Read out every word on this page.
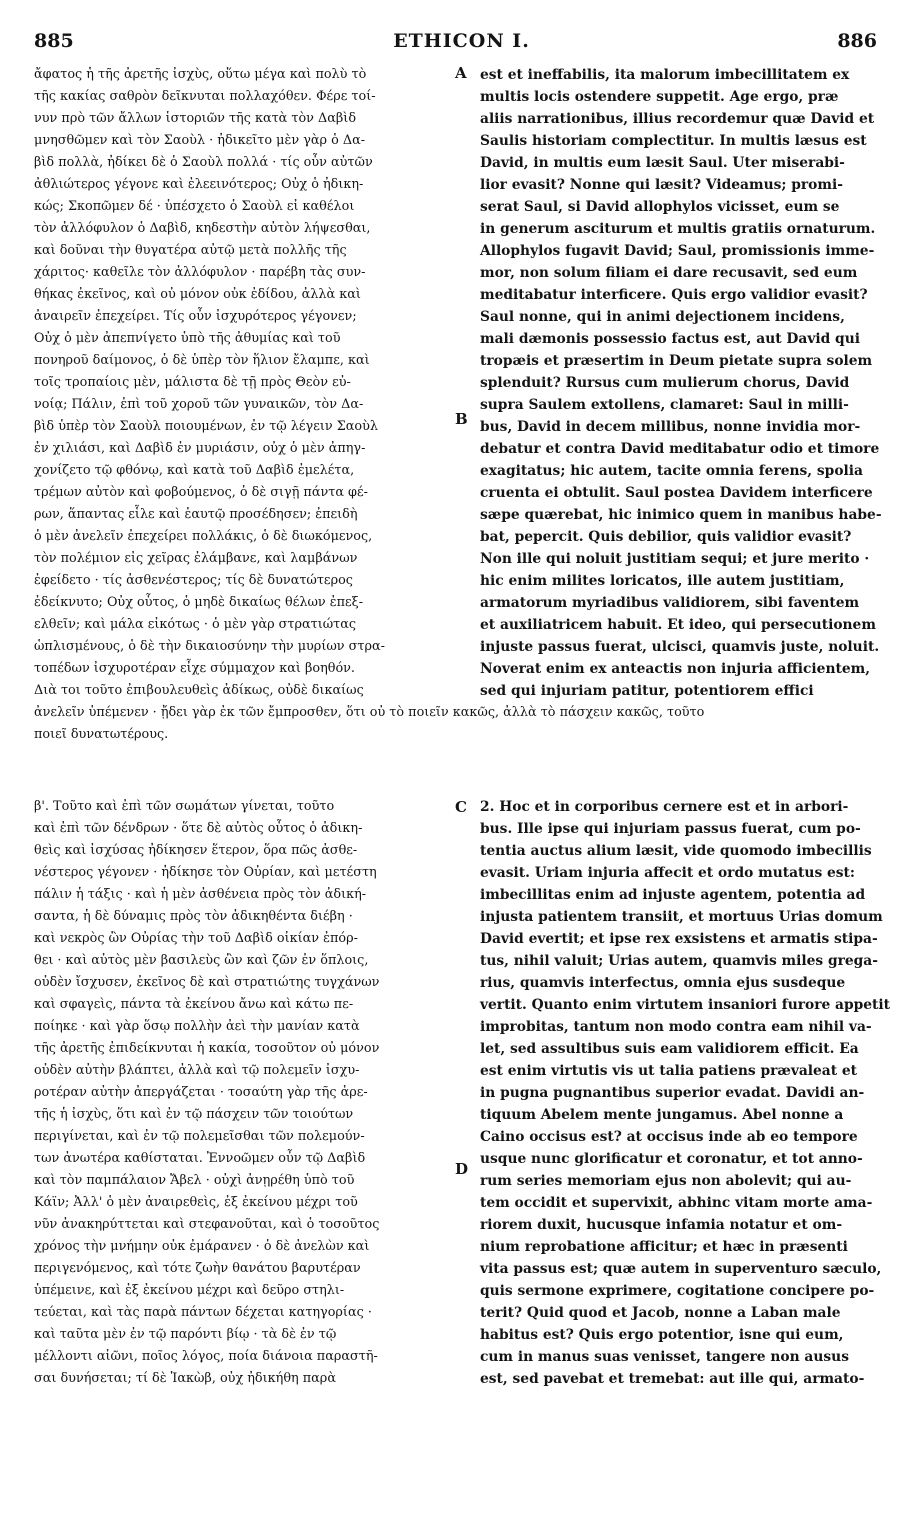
885	ETHICON I.	886
A
B
C
D
ἄφατος ἡ τῆς ἀρετῆς ἰσχὺς, οὕτω μέγα καὶ πολὺ τὸ
τῆς κακίας σαθρὸν δεῖκνυται πολλαχόθεν. Φέρε τοί-
νυν πρὸ τῶν ἄλλων ἱστοριῶν τῆς κατὰ τὸν Δαβὶδ
μνησθῶμεν καὶ τὸν Σαοὺλ · ἠδικεῖτο μὲν γὰρ ὁ Δα-
βὶδ πολλὰ, ἠδίκει δὲ ὁ Σαοὺλ πολλά · τίς οὖν αὐτῶν
ἀθλιώτερος γέγονε καὶ ἐλεεινότερος; Οὐχ ὁ ἠδικη-
κώς; Σκοπῶμεν δέ · ὑπέσχετο ὁ Σαοὺλ εἰ καθέλοι
τὸν ἀλλόφυλον ὁ Δαβὶδ, κηδεστὴν αὐτὸν λήψεσθαι,
καὶ δοῦναι τὴν θυγατέρα αὐτῷ μετὰ πολλῆς τῆς
χάριτος· καθεῖλε τὸν ἀλλόφυλον · παρέβη τὰς συν-
θήκας ἐκεῖνος, καὶ οὐ μόνον οὐκ ἐδίδου, ἀλλὰ καὶ
ἀναιρεῖν ἐπεχείρει. Τίς οὖν ἰσχυρότερος γέγονεν;
Οὐχ ὁ μὲν ἀπεπνίγετο ὑπὸ τῆς ἀθυμίας καὶ τοῦ
πονηροῦ δαίμονος, ὁ δὲ ὑπὲρ τὸν ἥλιον ἔλαμπε, καὶ
τοῖς τροπαίοις μὲν, μάλιστα δὲ τῇ πρὸς Θεὸν εὐ-
νοίᾳ; Πάλιν, ἐπὶ τοῦ χοροῦ τῶν γυναικῶν, τὸν Δα-
βὶδ ὑπὲρ τὸν Σαοὺλ ποιουμένων, ἐν τῷ λέγειν Σαοὺλ
ἐν χιλιάσι, καὶ Δαβὶδ ἐν μυριάσιν, οὐχ ὁ μὲν ἀπηγ-
χονίζετο τῷ φθόνῳ, καὶ κατὰ τοῦ Δαβὶδ ἐμελέτα,
τρέμων αὐτὸν καὶ φοβούμενος, ὁ δὲ σιγῇ πάντα φέ-
ρων, ἅπαντας εἷλε καὶ ἑαυτῷ προσέδησεν; ἐπειδὴ
ὁ μὲν ἀνελεῖν ἐπεχείρει πολλάκις, ὁ δὲ διωκόμενος,
τὸν πολέμιον εἰς χεῖρας ἐλάμβανε, καὶ λαμβάνων
ἐφείδετο · τίς ἀσθενέστερος; τίς δὲ δυνατώτερος
ἐδείκνυτο; Οὐχ οὗτος, ὁ μηδὲ δικαίως θέλων ἐπεξ-
ελθεῖν; καὶ μάλα εἰκότως · ὁ μὲν γὰρ στρατιώτας
ὡπλισμένους, ὁ δὲ τὴν δικαιοσύνην τὴν μυρίων στρα-
τοπέδων ἰσχυροτέραν εἶχε σύμμαχον καὶ βοηθόν.
Διὰ τοι τοῦτο ἐπιβουλευθεὶς ἀδίκως, οὐδὲ δικαίως
est et ineffabilis, ita malorum imbecillitatem ex
multis locis ostendere suppetit. Age ergo, præ
aliis narrationibus, illius recordemur quæ David et
Saulis historiam complectitur. In multis læsus est
David, in multis eum læsit Saul. Uter miserabi-
lior evasit? Nonne qui læsit? Videamus; promi-
serat Saul, si David allophylos vicisset, eum se
in generum asciturum et multis gratiis ornaturum.
Allophylos fugavit David; Saul, promissionis imme-
mor, non solum filiam ei dare recusavit, sed eum
meditabatur interficere. Quis ergo validior evasit?
Saul nonne, qui in animi dejectionem incidens,
mali dæmonis possessio factus est, aut David qui
tropæis et præsertim in Deum pietate supra solem
splenduit? Rursus cum mulierum chorus, David
supra Saulem extollens, clamaret: Saul in milli-
bus, David in decem millibus, nonne invidia mor-
debatur et contra David meditabatur odio et timore
exagitatus; hic autem, tacite omnia ferens, spolia
cruenta ei obtulit. Saul postea Davidem interficere
sæpe quærebat, hic inimico quem in manibus habe-
bat, pepercit. Quis debilior, quis validior evasit?
Non ille qui noluit justitiam sequi; et jure merito ·
hic enim milites loricatos, ille autem justitiam,
armatorum myriadibus validiorem, sibi faventem
et auxiliatricem habuit. Et ideo, qui persecutionem
injuste passus fuerat, ulcisci, quamvis juste, noluit.
Noverat enim ex anteactis non injuria afficientem,
sed qui injuriam patitur, potentiorem effici
ἀνελεῖν ὑπέμενεν · ᾔδει γὰρ ἐκ τῶν ἔμπροσθεν, ὅτι οὐ τὸ ποιεῖν κακῶς, ἀλλὰ τὸ πάσχειν κακῶς, τοῦτο
ποιεῖ δυνατωτέρους.
β'. Τοῦτο καὶ ἐπὶ τῶν σωμάτων γίνεται, τοῦτο
καὶ ἐπὶ τῶν δένδρων · ὅτε δὲ αὐτὸς οὗτος ὁ ἀδικη-
θεὶς καὶ ἰσχύσας ἠδίκησεν ἕτερον, ὅρα πῶς ἀσθε-
νέστερος γέγονεν · ἠδίκησε τὸν Οὐρίαν, καὶ μετέστη
πάλιν ἡ τάξις · καὶ ἡ μὲν ἀσθένεια πρὸς τὸν ἀδική-
σαντα, ἡ δὲ δύναμις πρὸς τὸν ἀδικηθέντα διέβη ·
καὶ νεκρὸς ὢν Οὐρίας τὴν τοῦ Δαβὶδ οἰκίαν ἐπόρ-
θει · καὶ αὐτὸς μὲν βασιλεὺς ὢν καὶ ζῶν ἐν ὅπλοις,
οὐδὲν ἴσχυσεν, ἐκεῖνος δὲ καὶ στρατιώτης τυγχάνων
καὶ σφαγεὶς, πάντα τὰ ἐκείνου ἄνω καὶ κάτω πε-
ποίηκε · καὶ γὰρ ὅσῳ πολλὴν ἀεὶ τὴν μανίαν κατὰ
τῆς ἀρετῆς ἐπιδείκνυται ἡ κακία, τοσοῦτον οὐ μόνον
οὐδὲν αὐτὴν βλάπτει, ἀλλὰ καὶ τῷ πολεμεῖν ἰσχυ-
ροτέραν αὐτὴν ἀπεργάζεται · τοσαύτη γὰρ τῆς ἀρε-
τῆς ἡ ἰσχὺς, ὅτι καὶ ἐν τῷ πάσχειν τῶν τοιούτων
περιγίνεται, καὶ ἐν τῷ πολεμεῖσθαι τῶν πολεμούν-
των ἀνωτέρα καθίσταται. Ἐννοῶμεν οὖν τῷ Δαβὶδ
καὶ τὸν παμπάλαιον Ἄβελ · οὐχὶ ἀνῃρέθη ὑπὸ τοῦ
Κάϊν; Ἀλλ' ὁ μὲν ἀναιρεθεὶς, ἐξ ἐκείνου μέχρι τοῦ
νῦν ἀνακηρύττεται καὶ στεφανοῦται, καὶ ὁ τοσοῦτος
χρόνος τὴν μνήμην οὐκ ἐμάρανεν · ὁ δὲ ἀνελὼν καὶ
περιγενόμενος, καὶ τότε ζωὴν θανάτου βαρυτέραν
ὑπέμεινε, καὶ ἐξ ἐκείνου μέχρι καὶ δεῦρο στηλι-
τεύεται, καὶ τὰς παρὰ πάντων δέχεται κατηγορίας ·
καὶ ταῦτα μὲν ἐν τῷ παρόντι βίῳ · τὰ δὲ ἐν τῷ
μέλλοντι αἰῶνι, ποῖος λόγος, ποία διάνοια παραστῆ-
σαι δυνήσεται; τί δὲ Ἰακὼβ, οὐχ ἠδικήθη παρὰ
2. Hoc et in corporibus cernere est et in arbori-
bus. Ille ipse qui injuriam passus fuerat, cum po-
tentia auctus alium læsit, vide quomodo imbecillis
evasit. Uriam injuria affecit et ordo mutatus est:
imbecillitas enim ad injuste agentem, potentia ad
injusta patientem transiit, et mortuus Urias domum
David evertit; et ipse rex exsistens et armatis stipa-
tus, nihil valuit; Urias autem, quamvis miles grega-
rius, quamvis interfectus, omnia ejus susdeque
vertit. Quanto enim virtutem insaniori furore appetit
improbitas, tantum non modo contra eam nihil va-
let, sed assultibus suis eam validiorem efficit. Ea
est enim virtutis vis ut talia patiens prævaleat et
in pugna pugnantibus superior evadat. Davidi an-
tiquum Abelem mente jungamus. Abel nonne a
Caino occisus est? at occisus inde ab eo tempore
usque nunc glorificatur et coronatur, et tot anno-
rum series memoriam ejus non abolevit; qui au-
tem occidit et supervixit, abhinc vitam morte ama-
riorem duxit, hucusque infamia notatur et om-
nium reprobatione afficitur; et hæc in præsenti
vita passus est; quæ autem in superventuro sæculo,
quis sermone exprimere, cogitatione concipere po-
terit? Quid quod et Jacob, nonne a Laban male
habitus est? Quis ergo potentior, isne qui eum,
cum in manus suas venisset, tangere non ausus
est, sed pavebat et tremebat: aut ille qui, armato-
